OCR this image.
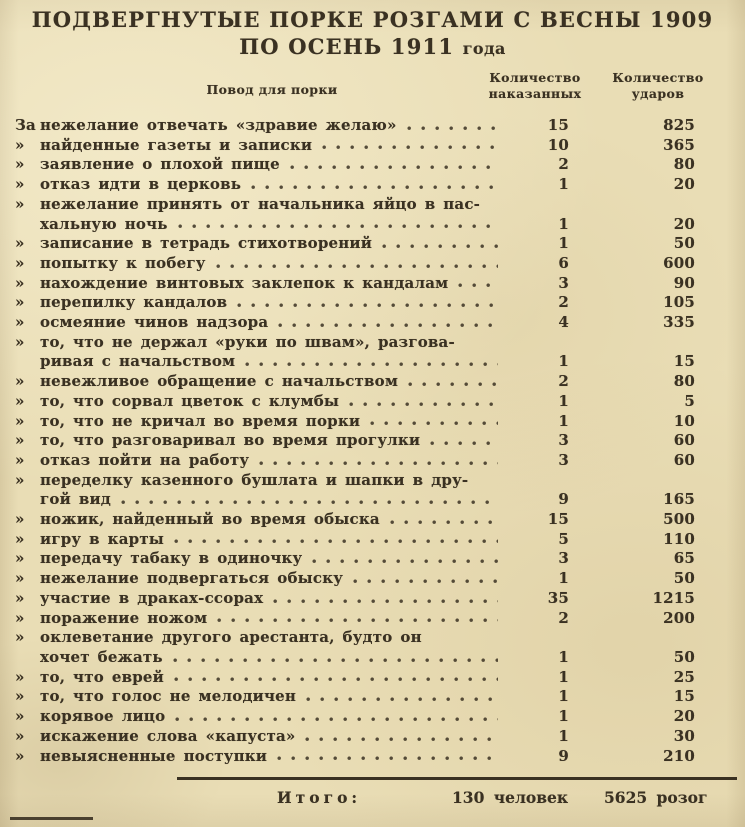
ПОДВЕРГНУТЫЕ ПОРКЕ РОЗГАМИ С ВЕСНЫ 1909
ПО ОСЕНЬ 1911 года
Повод для порки
Количество
наказанных
Количество
ударов
За нежелание отвечать «здравие желаю»	15	825
»	найденные газеты и записки	10	365
»	заявление о плохой пище	2	80
»	отказ идти в церковь	1	20
»	нежелание принять от начальника яйцо в пас-
хальную ночь	1	20
»	записание в тетрадь стихотворений	1	50
»	попытку к побегу	6	600
»	нахождение винтовых заклепок к кандалам	3	90
»	перепилку кандалов	2	105
»	осмеяние чинов надзора	4	335
»	то, что не держал «руки по швам», разгова-
ривая с начальством	1	15
»	невежливое обращение с начальством	2	80
»	то, что сорвал цветок с клумбы	1	5
»	то, что не кричал во время порки	1	10
»	то, что разговаривал во время прогулки	3	60
»	отказ пойти на работу	3	60
»	переделку казенного бушлата и шапки в дру-
гой вид	9	165
»	ножик, найденный во время обыска	15	500
»	игру в карты	5	110
»	передачу табаку в одиночку	3	65
»	нежелание подвергаться обыску	1	50
»	участие в драках-ссорах	35	1215
»	поражение ножом	2	200
»	оклеветание другого арестанта, будто он
хочет бежать	1	50
»	то, что еврей	1	25
»	то, что голос не мелодичен	1	15
»	корявое лицо	1	20
»	искажение слова «капуста»	1	30
»	невыясненные поступки	9	210
Итого:	130 человек 5625 розог
